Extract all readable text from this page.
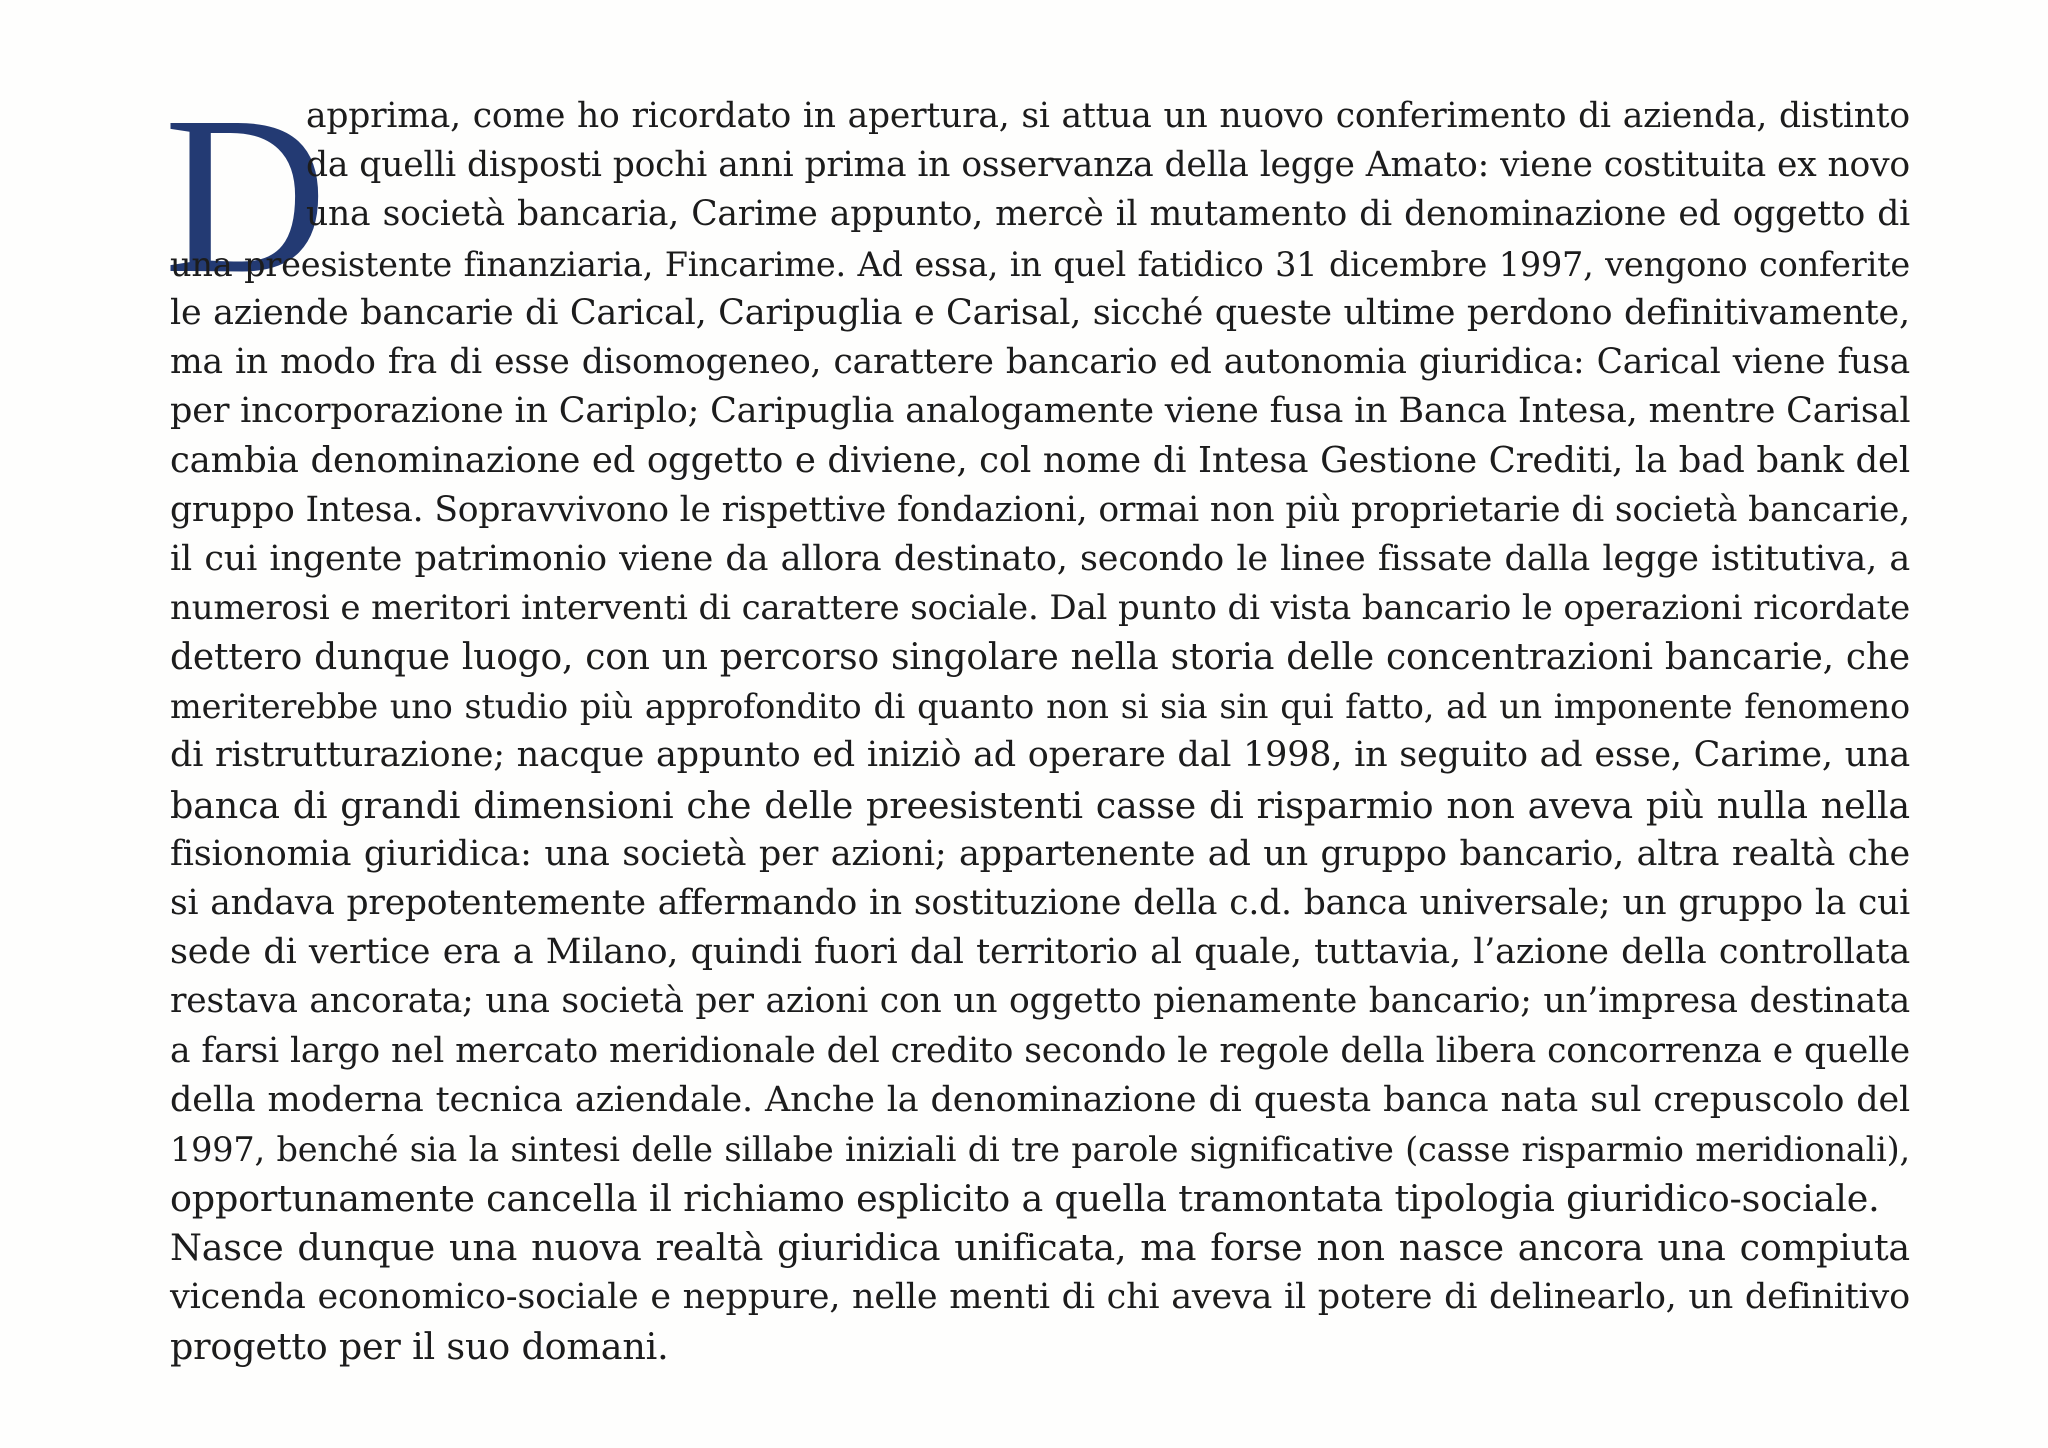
D
apprima, come ho ricordato in apertura, si attua un nuovo conferimento di azienda, distinto
da quelli disposti pochi anni prima in osservanza della legge Amato: viene costituita ex novo
una società bancaria, Carime appunto, mercè il mutamento di denominazione ed oggetto di
una preesistente finanziaria, Fincarime. Ad essa, in quel fatidico 31 dicembre 1997, vengono conferite
le aziende bancarie di Carical, Caripuglia e Carisal, sicché queste ultime perdono definitivamente,
ma in modo fra di esse disomogeneo, carattere bancario ed autonomia giuridica: Carical viene fusa
per incorporazione in Cariplo; Caripuglia analogamente viene fusa in Banca Intesa, mentre Carisal
cambia denominazione ed oggetto e diviene, col nome di Intesa Gestione Crediti, la bad bank del
gruppo Intesa. Sopravvivono le rispettive fondazioni, ormai non più proprietarie di società bancarie,
il cui ingente patrimonio viene da allora destinato, secondo le linee fissate dalla legge istitutiva, a
numerosi e meritori interventi di carattere sociale. Dal punto di vista bancario le operazioni ricordate
dettero dunque luogo, con un percorso singolare nella storia delle concentrazioni bancarie, che
meriterebbe uno studio più approfondito di quanto non si sia sin qui fatto, ad un imponente fenomeno
di ristrutturazione; nacque appunto ed iniziò ad operare dal 1998, in seguito ad esse, Carime, una
banca di grandi dimensioni che delle preesistenti casse di risparmio non aveva più nulla nella
fisionomia giuridica: una società per azioni; appartenente ad un gruppo bancario, altra realtà che
si andava prepotentemente affermando in sostituzione della c.d. banca universale; un gruppo la cui
sede di vertice era a Milano, quindi fuori dal territorio al quale, tuttavia, l’azione della controllata
restava ancorata; una società per azioni con un oggetto pienamente bancario; un’impresa destinata
a farsi largo nel mercato meridionale del credito secondo le regole della libera concorrenza e quelle
della moderna tecnica aziendale. Anche la denominazione di questa banca nata sul crepuscolo del
1997, benché sia la sintesi delle sillabe iniziali di tre parole significative (casse risparmio meridionali),
opportunamente cancella il richiamo esplicito a quella tramontata tipologia giuridico-sociale.
Nasce dunque una nuova realtà giuridica unificata, ma forse non nasce ancora una compiuta
vicenda economico-sociale e neppure, nelle menti di chi aveva il potere di delinearlo, un definitivo
progetto per il suo domani.
